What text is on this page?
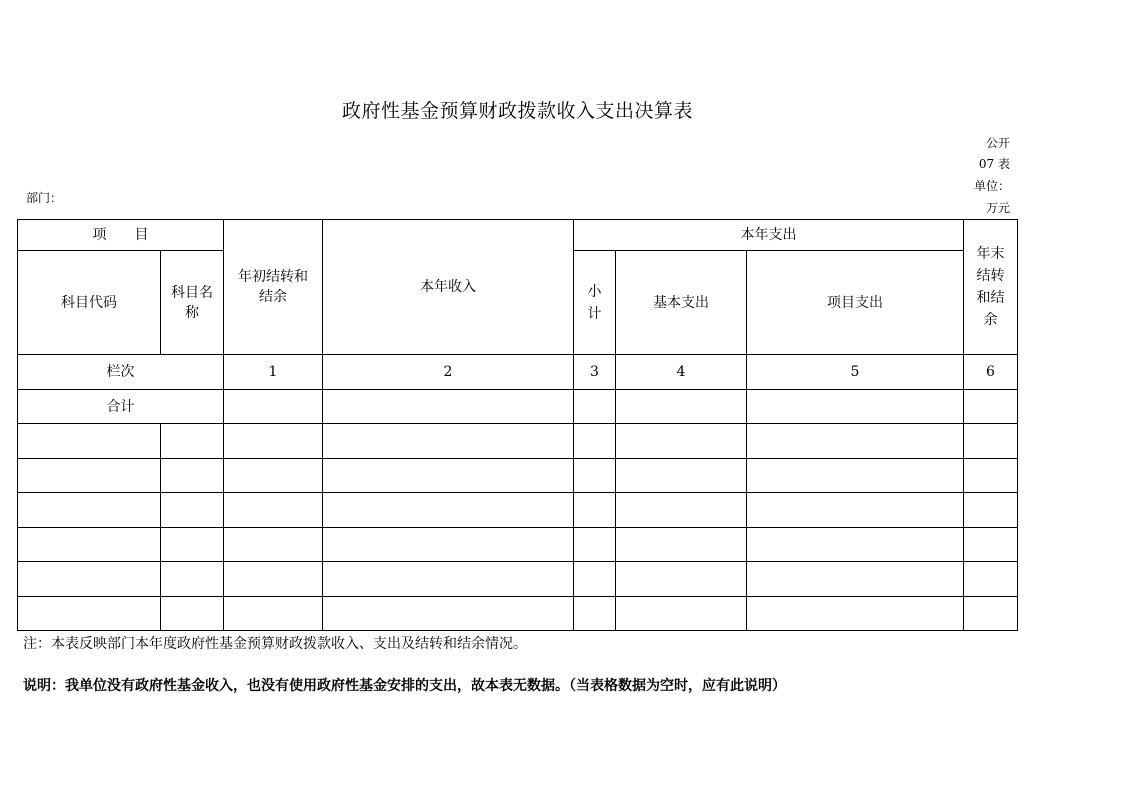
政府性基金预算财政拨款收入支出决算表
公开
07 表
单位：
万元
部门：
项　　目		年初结转和结余	本年收入	本年支出			年末结转和结余

科目代码	科目名称			小计	基本支出	项目支出	
栏次		1	2	3	4	5	6
合计							

注：本表反映部门本年度政府性基金预算财政拨款收入、支出及结转和结余情况。
说明：我单位没有政府性基金收入，也没有使用政府性基金安排的支出，故本表无数据。（当表格数据为空时，应有此说明）
